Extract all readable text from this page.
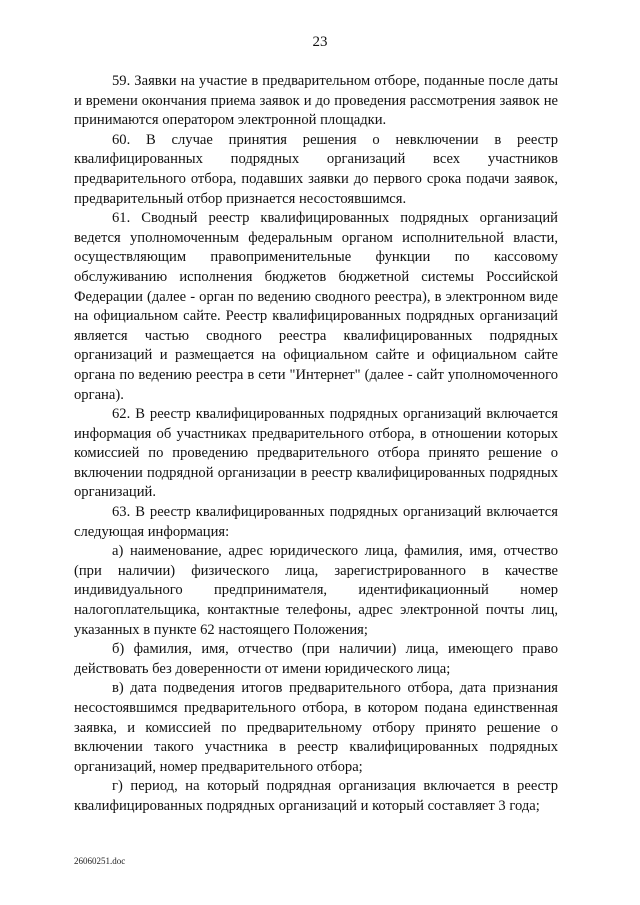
23

59. Заявки на участие в предварительном отборе, поданные после даты и времени окончания приема заявок и до проведения рассмотрения заявок не принимаются оператором электронной площадки.

60. В случае принятия решения о невключении в реестр квалифицированных подрядных организаций всех участников предварительного отбора, подавших заявки до первого срока подачи заявок, предварительный отбор признается несостоявшимся.

61. Сводный реестр квалифицированных подрядных организаций ведется уполномоченным федеральным органом исполнительной власти, осуществляющим правоприменительные функции по кассовому обслуживанию исполнения бюджетов бюджетной системы Российской Федерации (далее - орган по ведению сводного реестра), в электронном виде на официальном сайте. Реестр квалифицированных подрядных организаций является частью сводного реестра квалифицированных подрядных организаций и размещается на официальном сайте и официальном сайте органа по ведению реестра в сети "Интернет" (далее - сайт уполномоченного органа).

62. В реестр квалифицированных подрядных организаций включается информация об участниках предварительного отбора, в отношении которых комиссией по проведению предварительного отбора принято решение о включении подрядной организации в реестр квалифицированных подрядных организаций.

63. В реестр квалифицированных подрядных организаций включается следующая информация:

а) наименование, адрес юридического лица, фамилия, имя, отчество (при наличии) физического лица, зарегистрированного в качестве индивидуального предпринимателя, идентификационный номер налогоплательщика, контактные телефоны, адрес электронной почты лиц, указанных в пункте 62 настоящего Положения;

б) фамилия, имя, отчество (при наличии) лица, имеющего право действовать без доверенности от имени юридического лица;

в) дата подведения итогов предварительного отбора, дата признания несостоявшимся предварительного отбора, в котором подана единственная заявка, и комиссией по предварительному отбору принято решение о включении такого участника в реестр квалифицированных подрядных организаций, номер предварительного отбора;

г) период, на который подрядная организация включается в реестр квалифицированных подрядных организаций и который составляет 3 года;

26060251.doc
